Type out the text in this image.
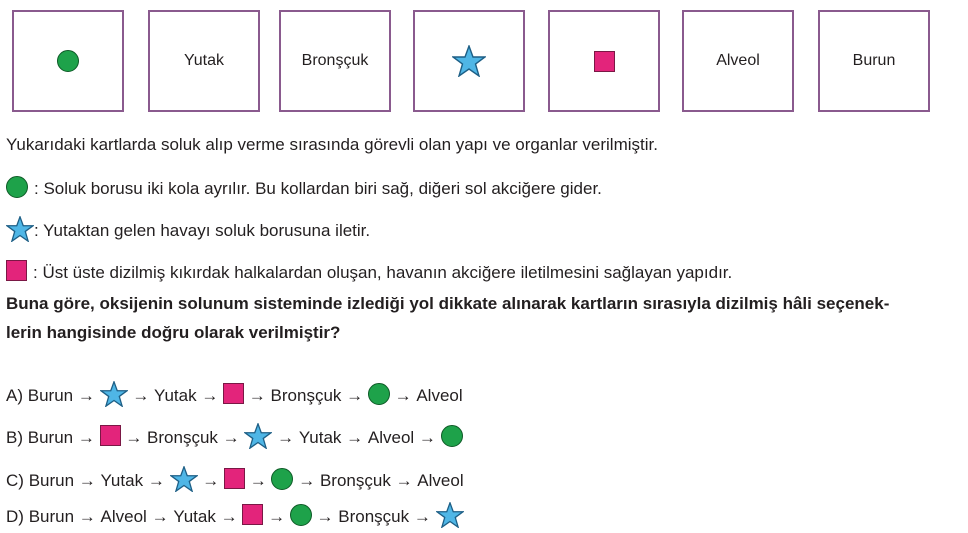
Yutak	Bronşçuk	Alveol	Burun
Yukarıdaki kartlarda soluk alıp verme sırasında görevli olan yapı ve organlar verilmiştir.
: Soluk borusu iki kola ayrılır. Bu kollardan biri sağ, diğeri sol akciğere gider.
: Yutaktan gelen havayı soluk borusuna iletir.
: Üst üste dizilmiş kıkırdak halkalardan oluşan, havanın akciğere iletilmesini sağlayan yapıdır.
Buna göre, oksijenin solunum sisteminde izlediği yol dikkate alınarak kartların sırasıyla dizilmiş hâli seçenek-
lerin hangisinde doğru olarak verilmiştir?
A)
Burun
→

→
Yutak
→

→
Bronşçuk
→

→
Alveol
B)
Burun
→

→
Bronşçuk
→

→
Yutak
→
Alveol
→

C)
Burun
→
Yutak
→

→

→

→
Bronşçuk
→
Alveol
D)
Burun
→
Alveol
→
Yutak
→

→

→
Bronşçuk
→
